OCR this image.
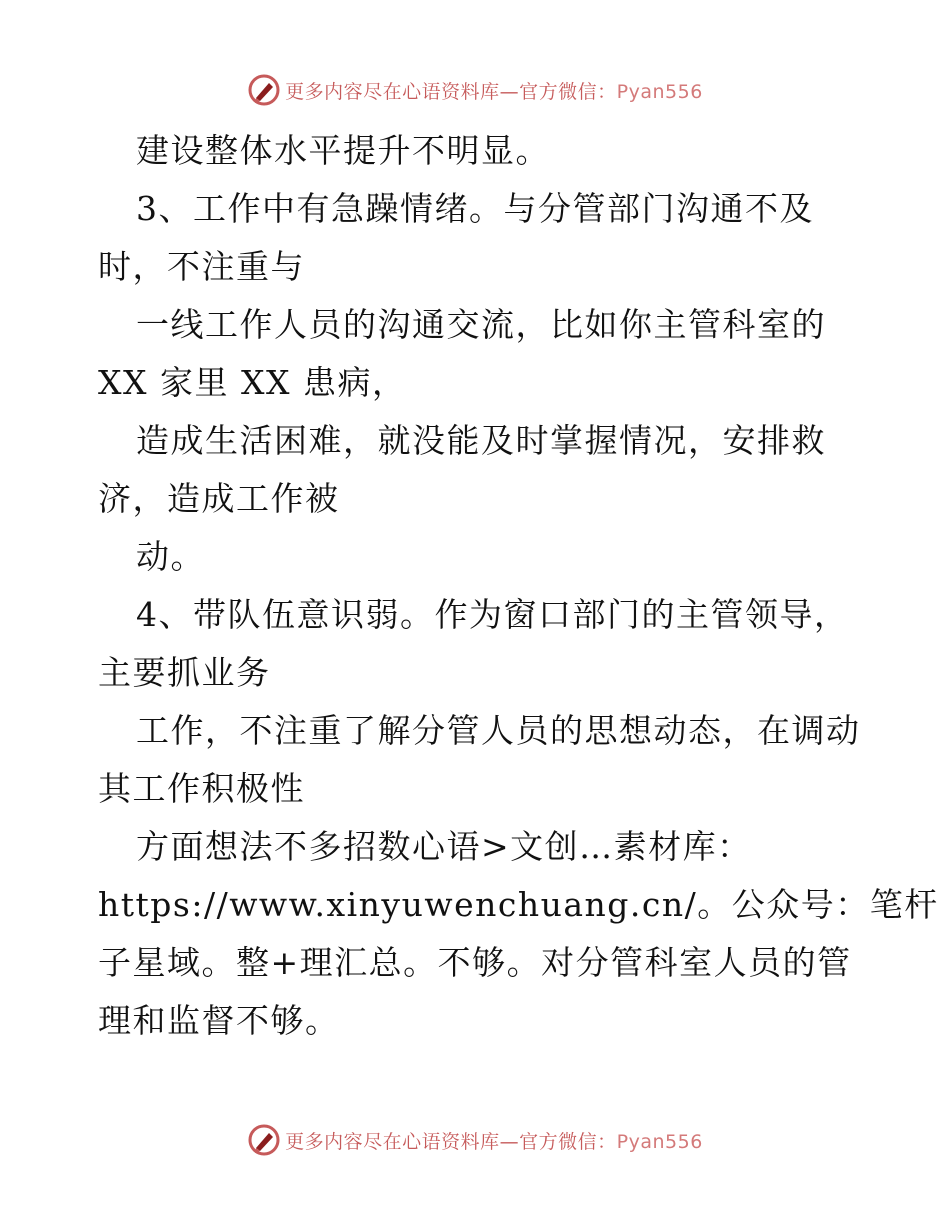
更多内容尽在心语资料库—官方微信：Pyan556
建设整体水平提升不明显。
3、工作中有急躁情绪。与分管部门沟通不及
时，不注重与
一线工作人员的沟通交流，比如你主管科室的
XX 家里 XX 患病，
造成生活困难，就没能及时掌握情况，安排救
济，造成工作被
动。
4、带队伍意识弱。作为窗口部门的主管领导，
主要抓业务
工作，不注重了解分管人员的思想动态，在调动
其工作积极性
方面想法不多招数心语>文创…素材库：
https://www.xinyuwenchuang.cn/。公众号：笔杆
子星域。整+理汇总。不够。对分管科室人员的管
理和监督不够。
更多内容尽在心语资料库—官方微信：Pyan556
